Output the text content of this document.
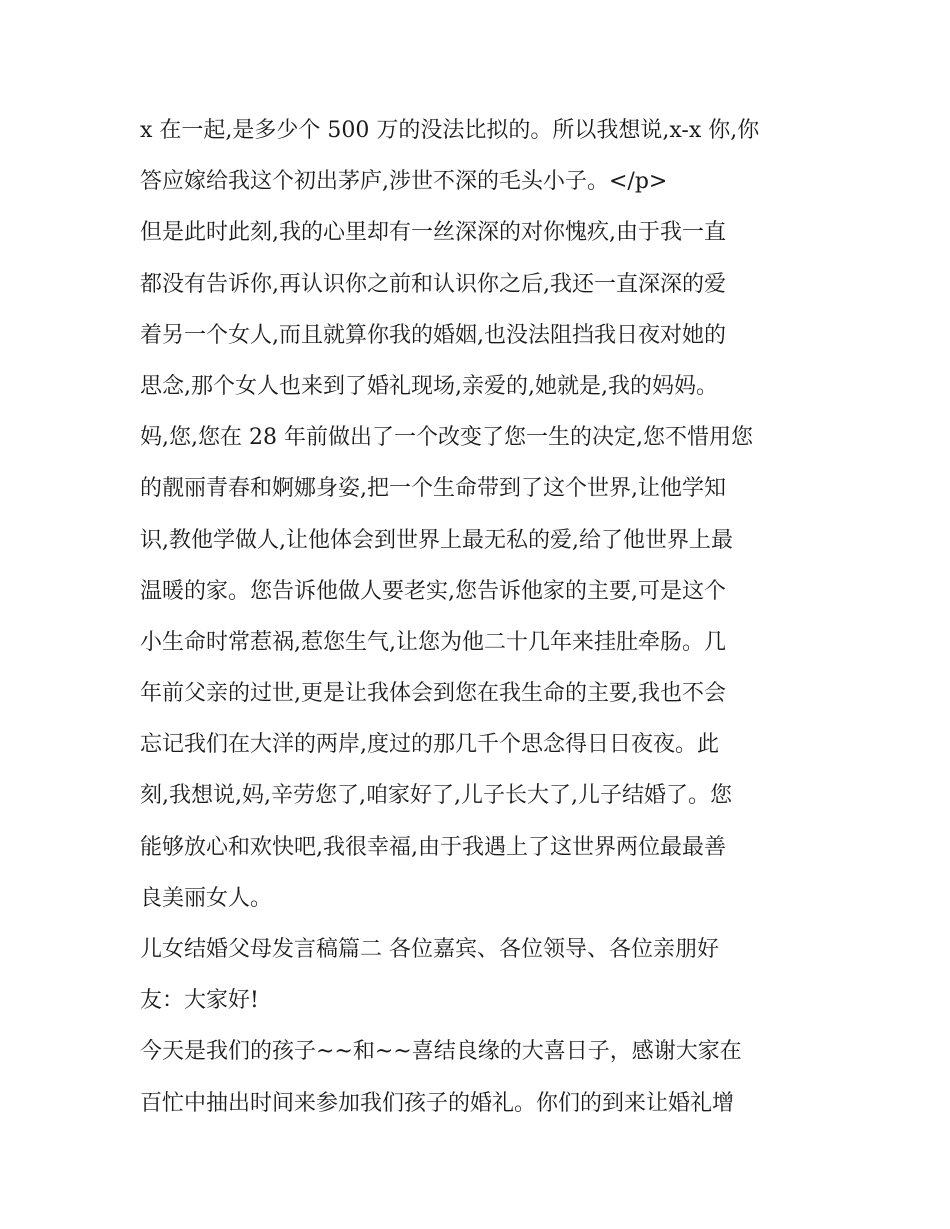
x 在一起,是多少个 500 万的没法比拟的。所以我想说,x-x 你,你
答应嫁给我这个初出茅庐,涉世不深的毛头小子。</p>
但是此时此刻,我的心里却有一丝深深的对你愧疚,由于我一直
都没有告诉你,再认识你之前和认识你之后,我还一直深深的爱
着另一个女人,而且就算你我的婚姻,也没法阻挡我日夜对她的
思念,那个女人也来到了婚礼现场,亲爱的,她就是,我的妈妈。
妈,您,您在 28 年前做出了一个改变了您一生的决定,您不惜用您
的靓丽青春和婀娜身姿,把一个生命带到了这个世界,让他学知
识,教他学做人,让他体会到世界上最无私的爱,给了他世界上最
温暖的家。您告诉他做人要老实,您告诉他家的主要,可是这个
小生命时常惹祸,惹您生气,让您为他二十几年来挂肚牵肠。几
年前父亲的过世,更是让我体会到您在我生命的主要,我也不会
忘记我们在大洋的两岸,度过的那几千个思念得日日夜夜。此
刻,我想说,妈,辛劳您了,咱家好了,儿子长大了,儿子结婚了。您
能够放心和欢快吧,我很幸福,由于我遇上了这世界两位最最善
良美丽女人。
儿女结婚父母发言稿篇二 各位嘉宾、各位领导、各位亲朋好
友：大家好!
今天是我们的孩子~~和~~喜结良缘的大喜日子，感谢大家在
百忙中抽出时间来参加我们孩子的婚礼。你们的到来让婚礼增
